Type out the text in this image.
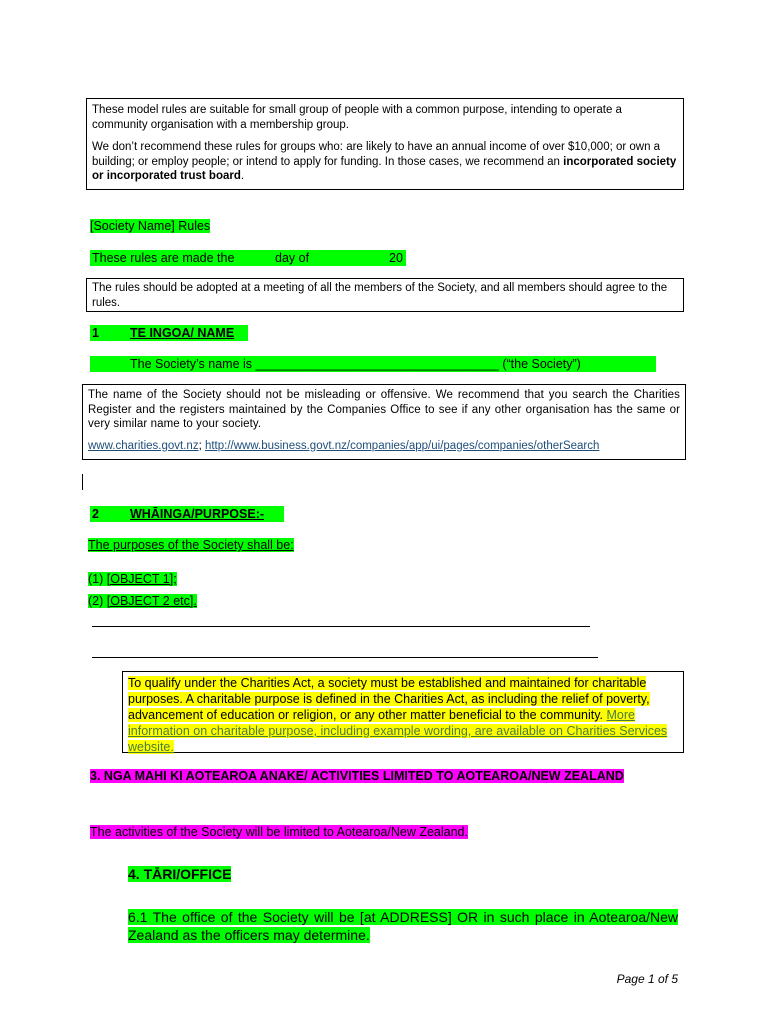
These model rules are suitable for small group of people with a common purpose, intending to operate a community organisation with a membership group.

We don’t recommend these rules for groups who: are likely to have an annual income of over $10,000; or own a building; or employ people; or intend to apply for funding. In those cases, we recommend an incorporated society or incorporated trust board.

[Society Name] Rules
These rules are made the	day of	20

The rules should be adopted at a meeting of all the members of the Society, and all members should agree to the rules.

1 TE INGOA/ NAME
The Society’s name is ___________________________________ (“the Society”)

The name of the Society should not be misleading or offensive. We recommend that you search the Charities Register and the registers maintained by the Companies Office to see if any other organisation has the same or very similar name to your society.

www.charities.govt.nz; http://www.business.govt.nz/companies/app/ui/pages/companies/otherSearch

2 WHĀINGA/PURPOSE:-
The purposes of the Society shall be:
(1) [OBJECT 1];
(2) [OBJECT 2 etc].

To qualify under the Charities Act, a society must be established and maintained for charitable purposes. A charitable purpose is defined in the Charities Act, as including the relief of poverty, advancement of education or religion, or any other matter beneficial to the community. More information on charitable purpose, including example wording, are available on Charities Services website.

3. NGA MAHI KI AOTEAROA ANAKE/ ACTIVITIES LIMITED TO AOTEAROA/NEW ZEALAND
The activities of the Society will be limited to Aotearoa/New Zealand.
4. TĀRI/OFFICE
6.1 The office of the Society will be [at ADDRESS] OR in such place in Aotearoa/New Zealand as the officers may determine.
Page 1 of 5
